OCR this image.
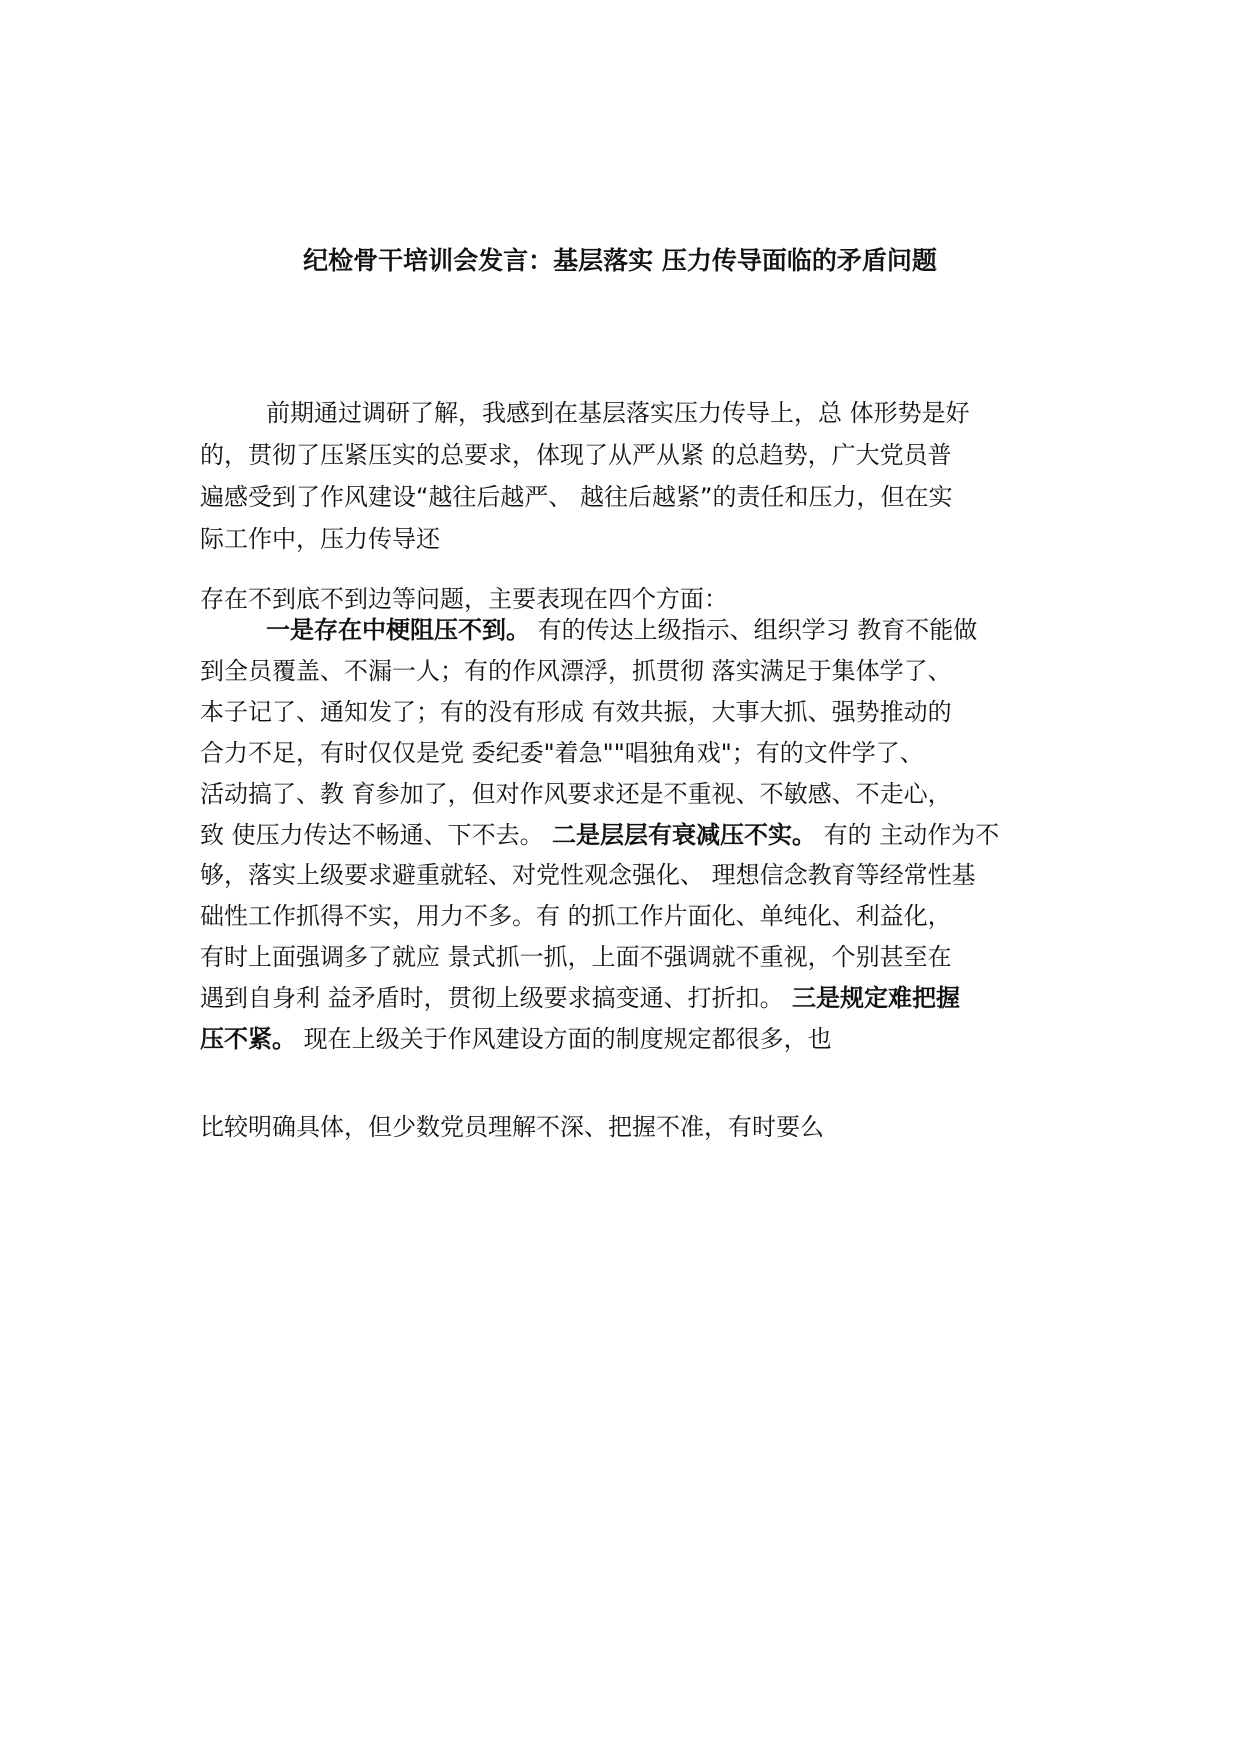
纪检骨干培训会发言：基层落实 压力传导面临的矛盾问题
前期通过调研了解，我感到在基层落实压力传导上，总 体形势是好
的，贯彻了压紧压实的总要求，体现了从严从紧 的总趋势，广大党员普
遍感受到了作风建设“越往后越严、 越往后越紧”的责任和压力，但在实
际工作中，压力传导还
存在不到底不到边等问题，主要表现在四个方面：
一是存在中梗阻压不到。 有的传达上级指示、组织学习 教育不能做
到全员覆盖、不漏一人；有的作风漂浮，抓贯彻 落实满足于集体学了、
本子记了、通知发了；有的没有形成 有效共振，大事大抓、强势推动的
合力不足，有时仅仅是党 委纪委"着急""唱独角戏"；有的文件学了、
活动搞了、教 育参加了，但对作风要求还是不重视、不敏感、不走心，
致 使压力传达不畅通、下不去。 二是层层有衰减压不实。 有的 主动作为不
够，落实上级要求避重就轻、对党性观念强化、 理想信念教育等经常性基
础性工作抓得不实，用力不多。有 的抓工作片面化、单纯化、利益化，
有时上面强调多了就应 景式抓一抓，上面不强调就不重视，个别甚至在
遇到自身利 益矛盾时，贯彻上级要求搞变通、打折扣。 三是规定难把握
压不紧。 现在上级关于作风建设方面的制度规定都很多，也
比较明确具体，但少数党员理解不深、把握不准，有时要么
